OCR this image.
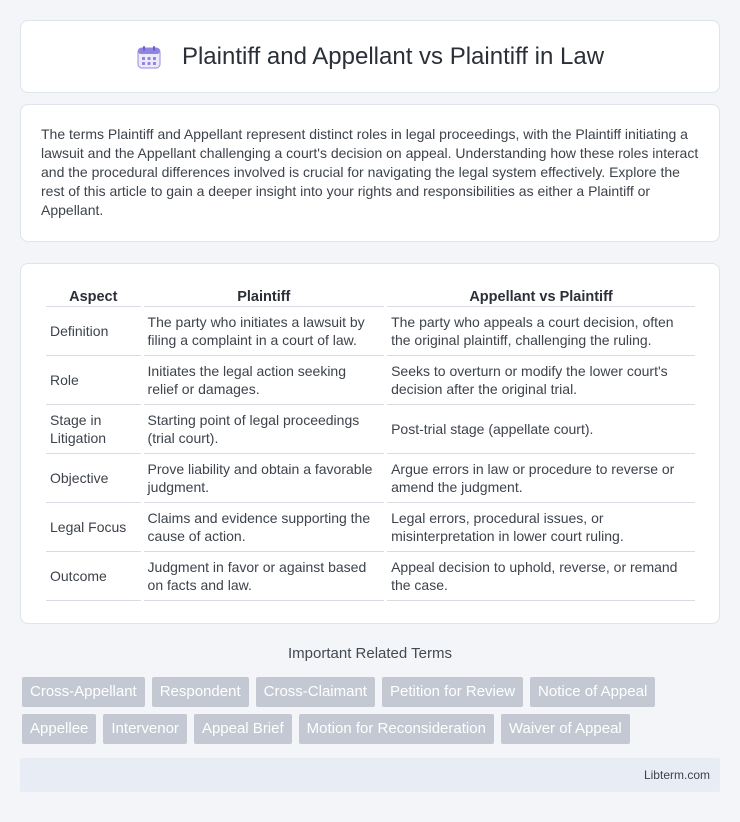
Plaintiff and Appellant vs Plaintiff in Law

The terms Plaintiff and Appellant represent distinct roles in legal proceedings, with the Plaintiff initiating a lawsuit and the Appellant challenging a court's decision on appeal. Understanding how these roles interact and the procedural differences involved is crucial for navigating the legal system effectively. Explore the rest of this article to gain a deeper insight into your rights and responsibilities as either a Plaintiff or Appellant.

Aspect	Plaintiff	Appellant vs Plaintiff
Definition	The party who initiates a lawsuit by filing a complaint in a court of law.	The party who appeals a court decision, often the original plaintiff, challenging the ruling.
Role	Initiates the legal action seeking relief or damages.	Seeks to overturn or modify the lower court's decision after the original trial.
Stage in Litigation	Starting point of legal proceedings (trial court).	Post-trial stage (appellate court).
Objective	Prove liability and obtain a favorable judgment.	Argue errors in law or procedure to reverse or amend the judgment.
Legal Focus	Claims and evidence supporting the cause of action.	Legal errors, procedural issues, or misinterpretation in lower court ruling.
Outcome	Judgment in favor or against based on facts and law.	Appeal decision to uphold, reverse, or remand the case.
Important Related Terms
Cross-Appellant	Respondent	Cross-Claimant	Petition for Review	Notice of Appeal
Appellee	Intervenor	Appeal Brief	Motion for Reconsideration	Waiver of Appeal
Libterm.com
